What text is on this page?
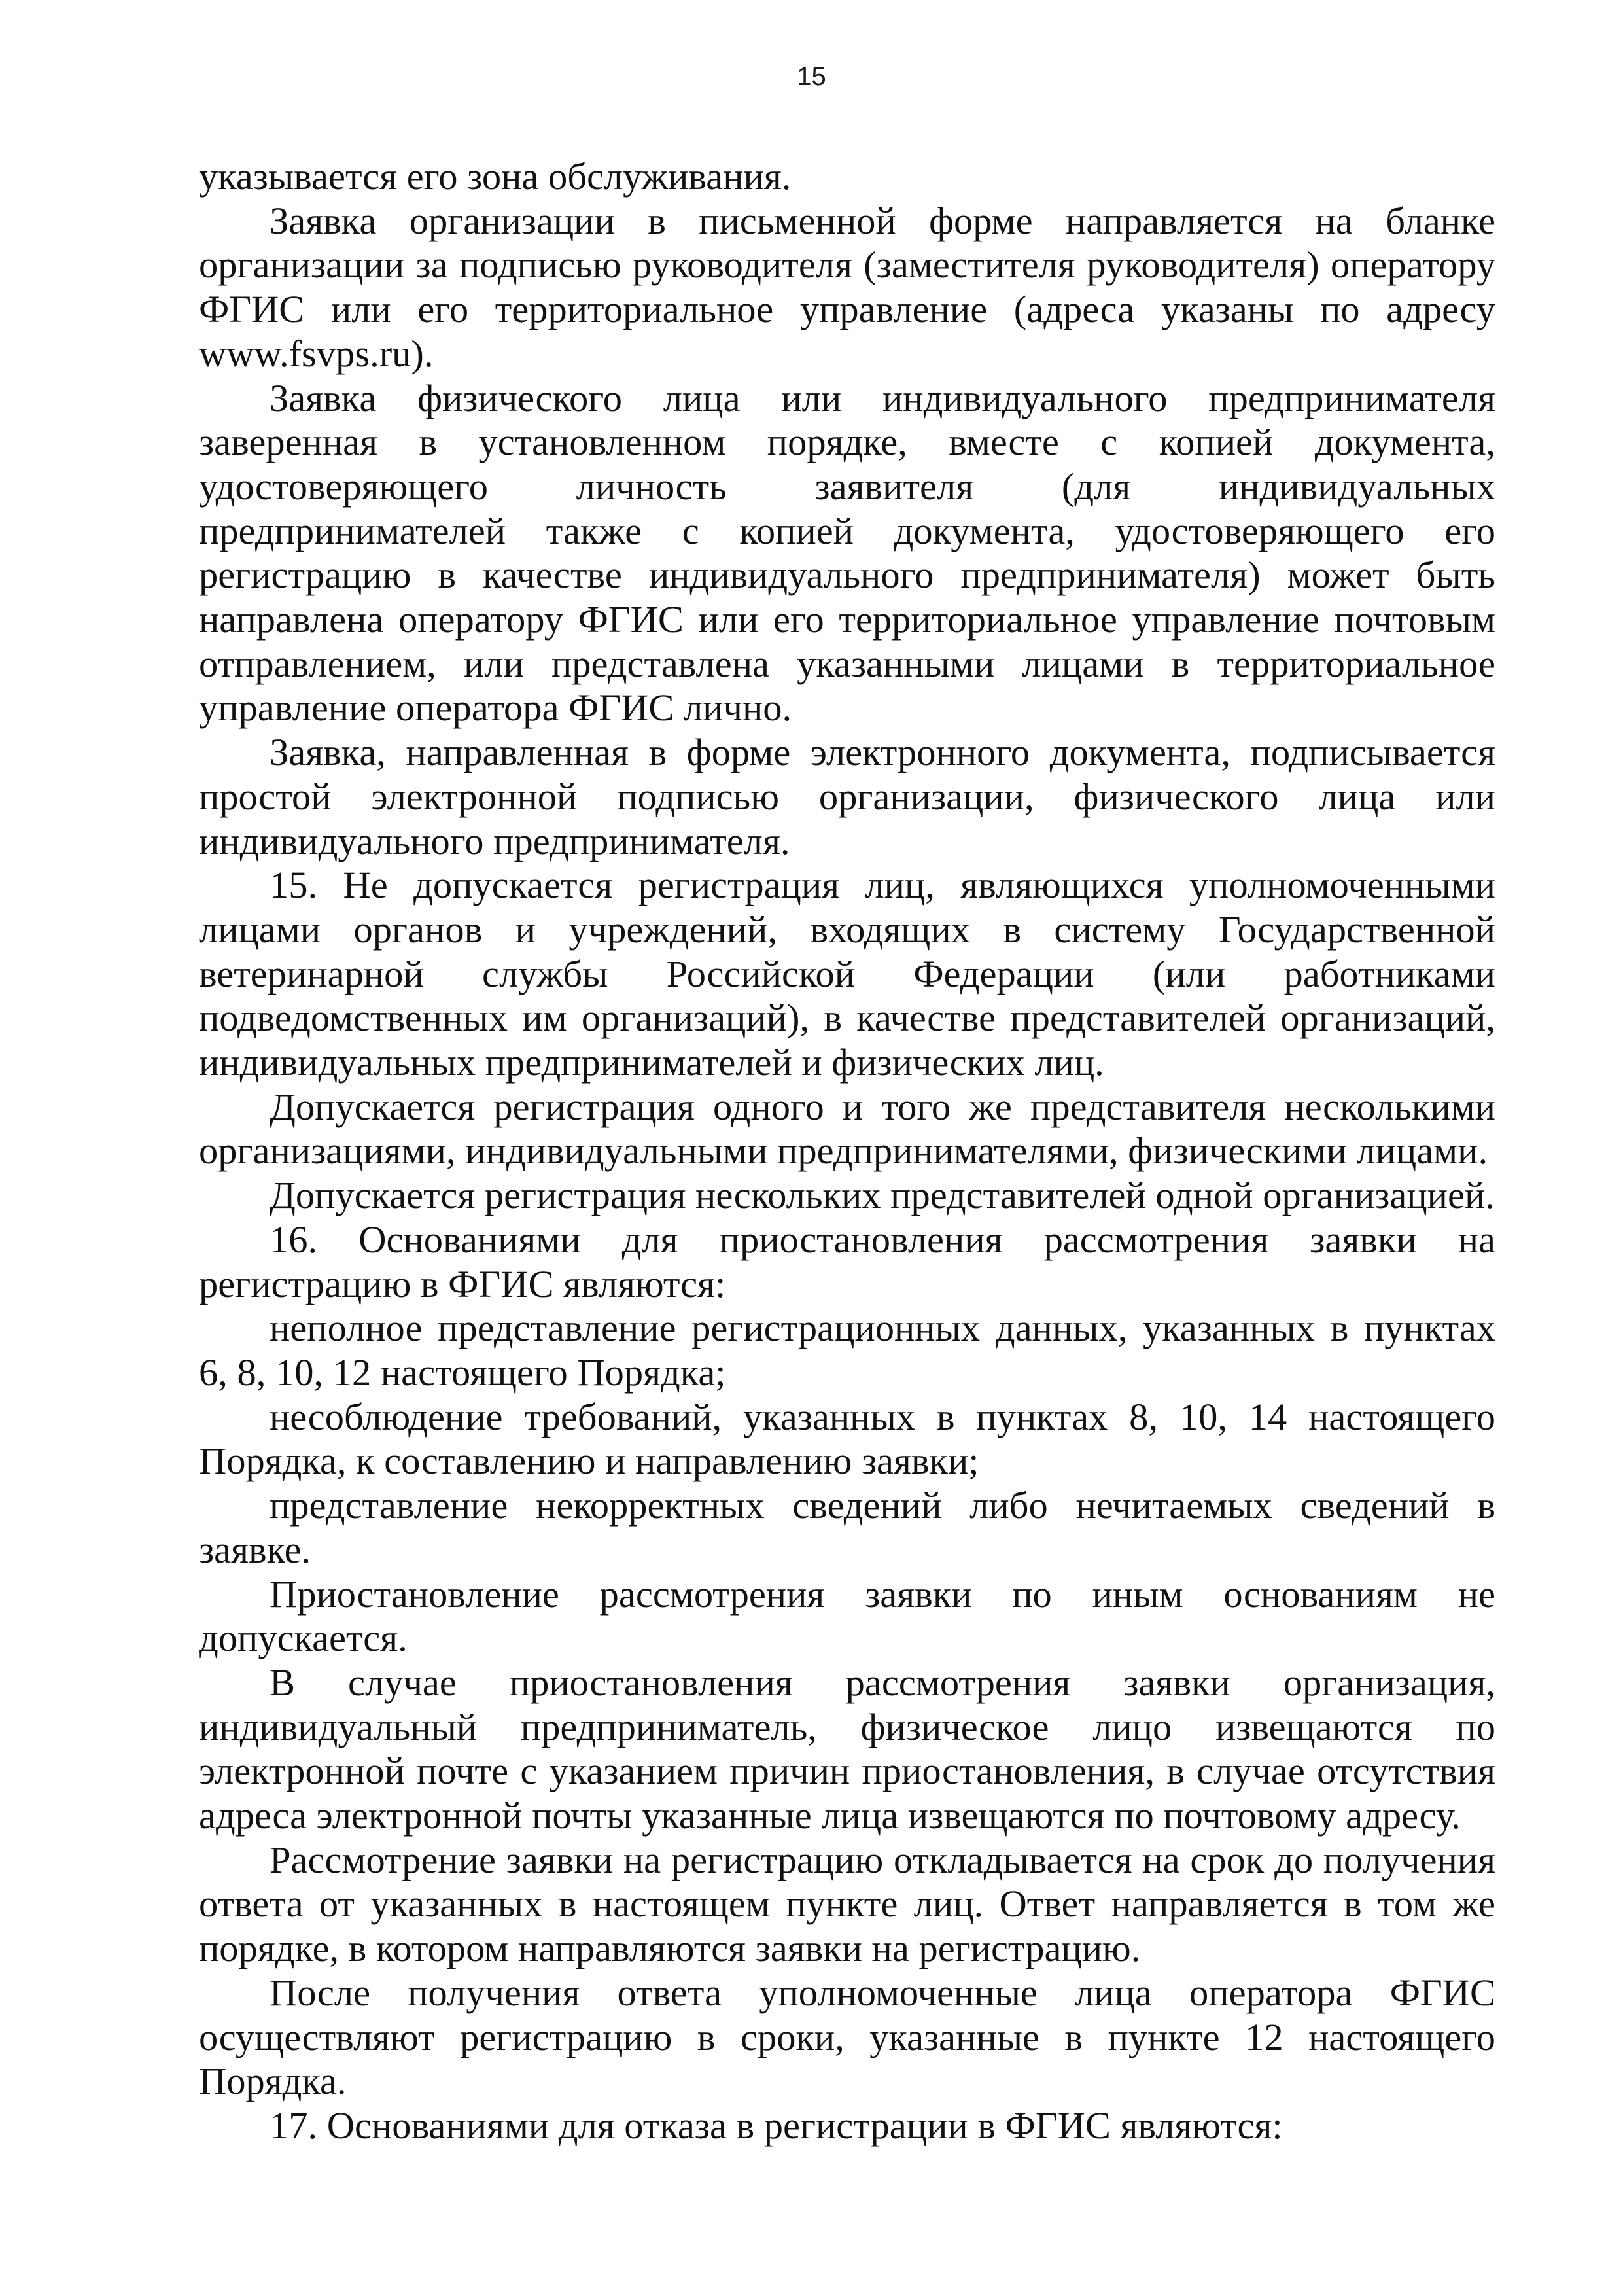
15

указывается его зона обслуживания.

Заявка организации в письменной форме направляется на бланке организации за подписью руководителя (заместителя руководителя) оператору ФГИС или его территориальное управление (адреса указаны по адресу www.fsvps.ru).

Заявка физического лица или индивидуального предпринимателя заверенная в установленном порядке, вместе с копией документа, удостоверяющего личность заявителя (для индивидуальных предпринимателей также с копией документа, удостоверяющего его регистрацию в качестве индивидуального предпринимателя) может быть направлена оператору ФГИС или его территориальное управление почтовым отправлением, или представлена указанными лицами в территориальное управление оператора ФГИС лично.

Заявка, направленная в форме электронного документа, подписывается простой электронной подписью организации, физического лица или индивидуального предпринимателя.

15. Не допускается регистрация лиц, являющихся уполномоченными лицами органов и учреждений, входящих в систему Государственной ветеринарной службы Российской Федерации (или работниками подведомственных им организаций), в качестве представителей организаций, индивидуальных предпринимателей и физических лиц.

Допускается регистрация одного и того же представителя несколькими организациями, индивидуальными предпринимателями, физическими лицами.

Допускается регистрация нескольких представителей одной организацией.

16. Основаниями для приостановления рассмотрения заявки на регистрацию в ФГИС являются:

неполное представление регистрационных данных, указанных в пунктах 6, 8, 10, 12 настоящего Порядка;

несоблюдение требований, указанных в пунктах 8, 10, 14 настоящего Порядка, к составлению и направлению заявки;

представление некорректных сведений либо нечитаемых сведений в заявке.

Приостановление рассмотрения заявки по иным основаниям не допускается.

В случае приостановления рассмотрения заявки организация, индивидуальный предприниматель, физическое лицо извещаются по электронной почте с указанием причин приостановления, в случае отсутствия адреса электронной почты указанные лица извещаются по почтовому адресу.

Рассмотрение заявки на регистрацию откладывается на срок до получения ответа от указанных в настоящем пункте лиц. Ответ направляется в том же порядке, в котором направляются заявки на регистрацию.

После получения ответа уполномоченные лица оператора ФГИС осуществляют регистрацию в сроки, указанные в пункте 12 настоящего Порядка.

17. Основаниями для отказа в регистрации в ФГИС являются:
